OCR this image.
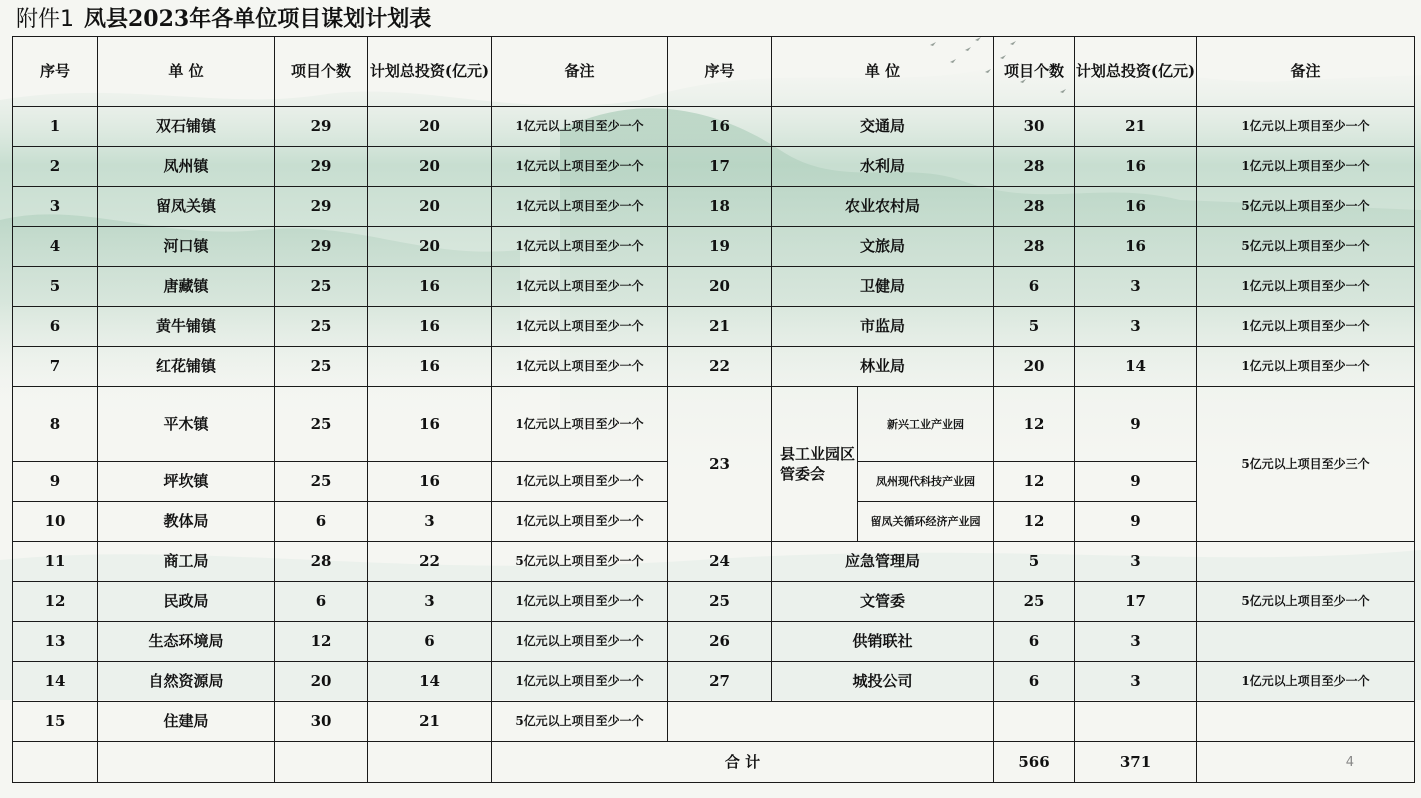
附件1 凤县2023年各单位项目谋划计划表
序号	单 位	项目个数	计划总投资(亿元)	备注	序号	单 位		项目个数	计划总投资(亿元)	备注
1	双石铺镇	29	20	1亿元以上项目至少一个	16	交通局		30	21	1亿元以上项目至少一个
2	凤州镇	29	20	1亿元以上项目至少一个	17	水利局		28	16	1亿元以上项目至少一个
3	留凤关镇	29	20	1亿元以上项目至少一个	18	农业农村局		28	16	5亿元以上项目至少一个
4	河口镇	29	20	1亿元以上项目至少一个	19	文旅局		28	16	5亿元以上项目至少一个
5	唐藏镇	25	16	1亿元以上项目至少一个	20	卫健局		6	3	1亿元以上项目至少一个
6	黄牛铺镇	25	16	1亿元以上项目至少一个	21	市监局		5	3	1亿元以上项目至少一个
7	红花铺镇	25	16	1亿元以上项目至少一个	22	林业局		20	14	1亿元以上项目至少一个
8	平木镇	25	16	1亿元以上项目至少一个	23	县工业园区管委会	新兴工业产业园	12	9	5亿元以上项目至少三个
9	坪坎镇	25	16	1亿元以上项目至少一个			凤州现代科技产业园	12	9	
10	教体局	6	3	1亿元以上项目至少一个			留凤关循环经济产业园	12	9	
11	商工局	28	22	5亿元以上项目至少一个	24	应急管理局		5	3	
12	民政局	6	3	1亿元以上项目至少一个	25	文管委		25	17	5亿元以上项目至少一个
13	生态环境局	12	6	1亿元以上项目至少一个	26	供销联社		6	3	
14	自然资源局	20	14	1亿元以上项目至少一个	27	城投公司		6	3	1亿元以上项目至少一个
15	住建局	30	21	5亿元以上项目至少一个						
				合 计				566	371	4
